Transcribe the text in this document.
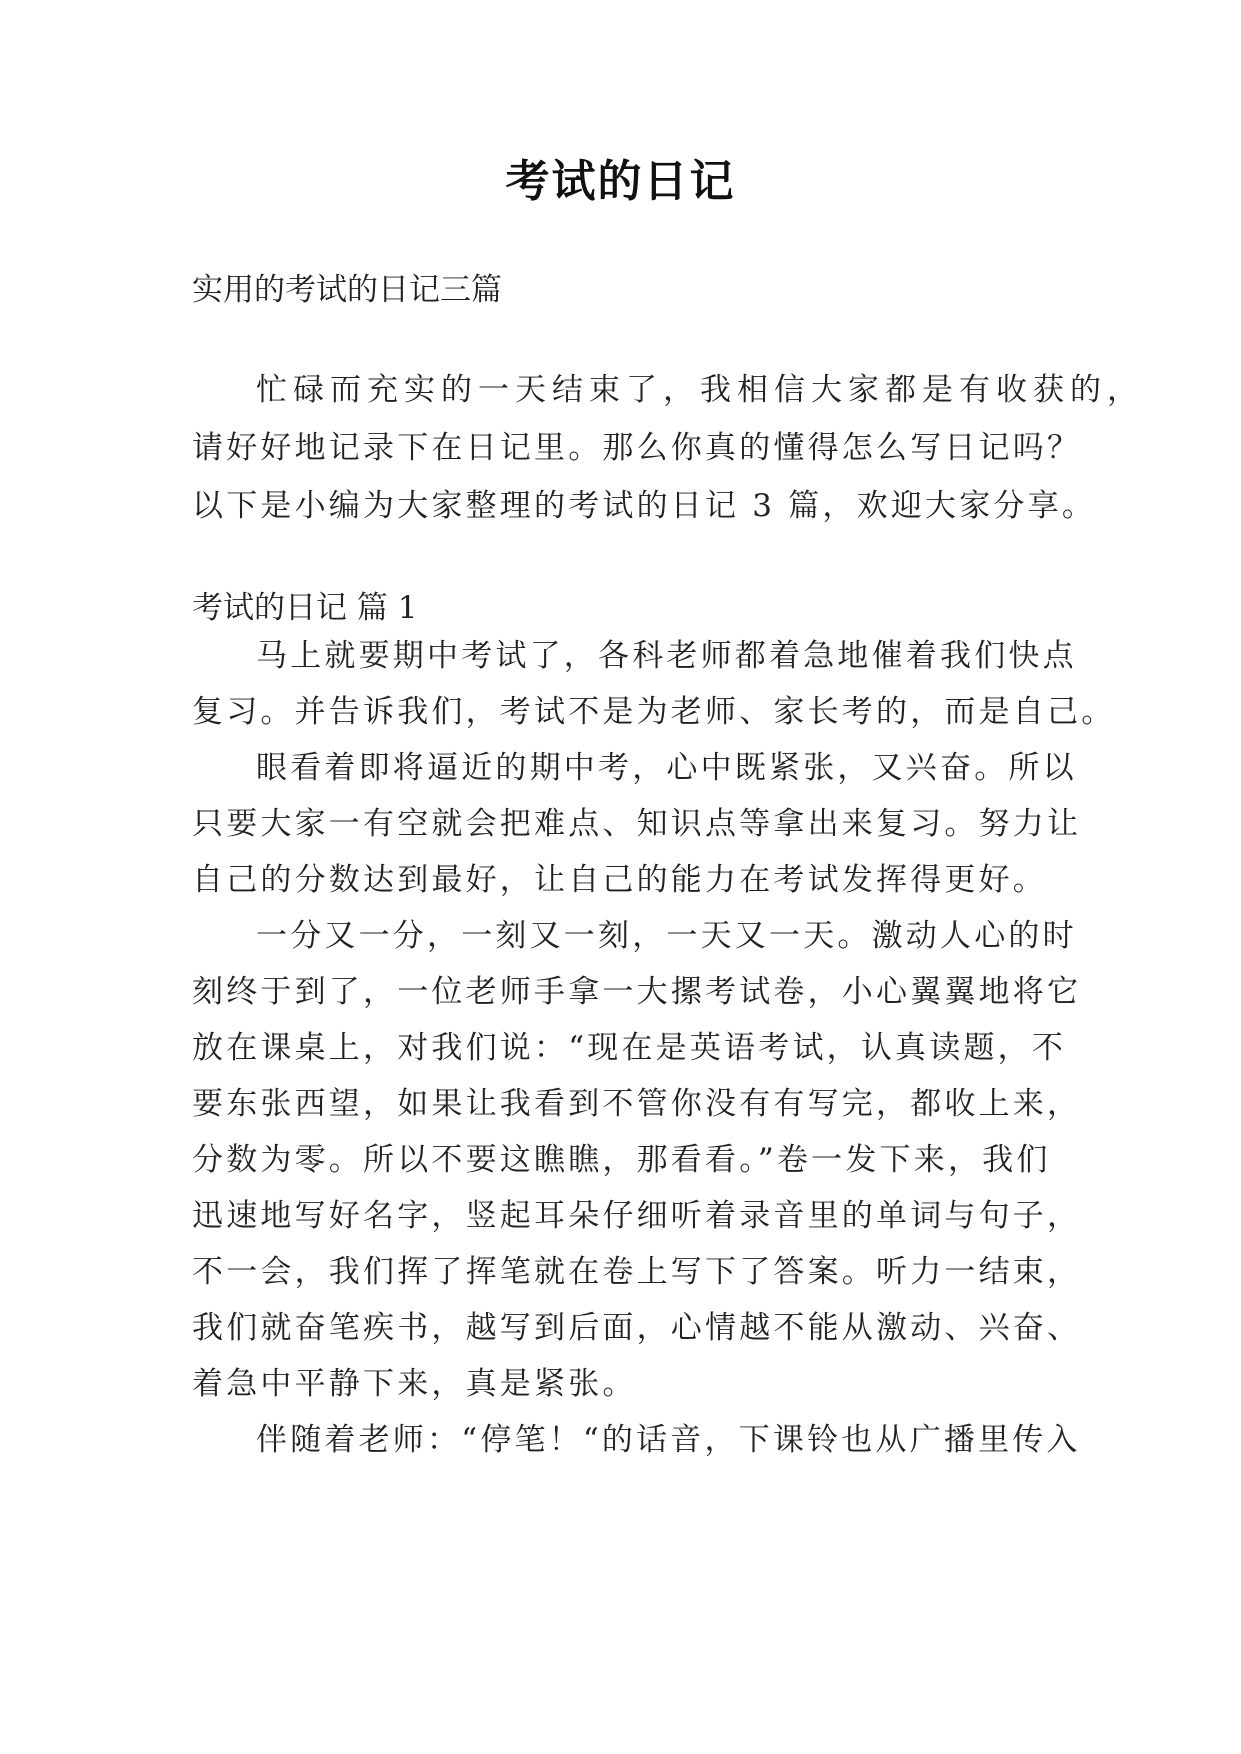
考试的日记
实用的考试的日记三篇
忙碌而充实的一天结束了，我相信大家都是有收获的，
请好好地记录下在日记里。那么你真的懂得怎么写日记吗？
以下是小编为大家整理的考试的日记 3 篇，欢迎大家分享。
考试的日记 篇 1
马上就要期中考试了，各科老师都着急地催着我们快点
复习。并告诉我们，考试不是为老师、家长考的，而是自己。
眼看着即将逼近的期中考，心中既紧张，又兴奋。所以
只要大家一有空就会把难点、知识点等拿出来复习。努力让
自己的分数达到最好，让自己的能力在考试发挥得更好。
一分又一分，一刻又一刻，一天又一天。激动人心的时
刻终于到了，一位老师手拿一大摞考试卷，小心翼翼地将它
放在课桌上，对我们说：“现在是英语考试，认真读题，不
要东张西望，如果让我看到不管你没有有写完，都收上来，
分数为零。所以不要这瞧瞧，那看看。”卷一发下来，我们
迅速地写好名字，竖起耳朵仔细听着录音里的单词与句子，
不一会，我们挥了挥笔就在卷上写下了答案。听力一结束，
我们就奋笔疾书，越写到后面，心情越不能从激动、兴奋、
着急中平静下来，真是紧张。
伴随着老师：“停笔！“的话音，下课铃也从广播里传入
